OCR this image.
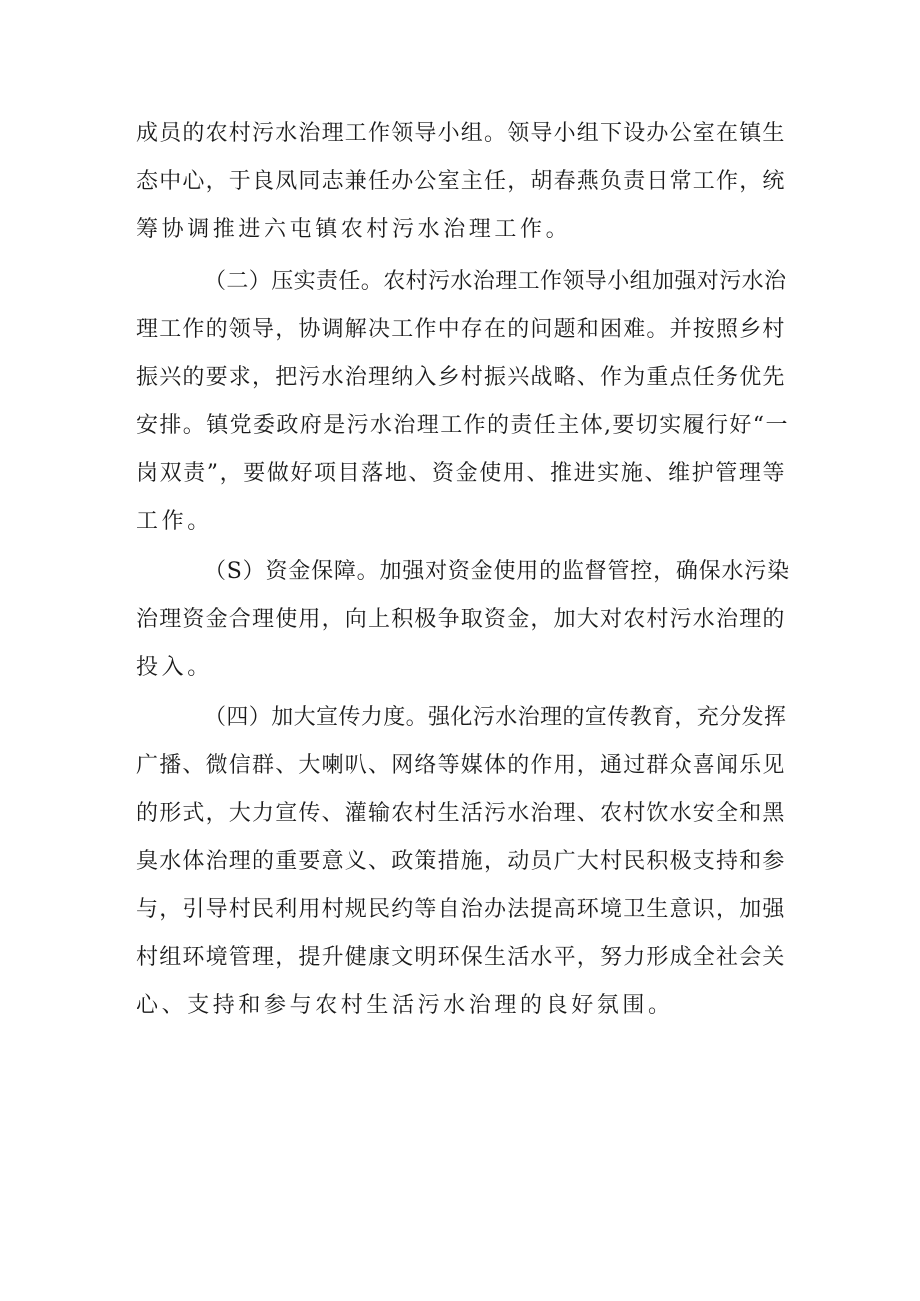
成员的农村污水治理工作领导小组。领导小组下设办公室在镇生
态中心，于良凤同志兼任办公室主任，胡春燕负责日常工作，统
筹协调推进六屯镇农村污水治理工作。
（二）压实责任。农村污水治理工作领导小组加强对污水治
理工作的领导，协调解决工作中存在的问题和困难。并按照乡村
振兴的要求，把污水治理纳入乡村振兴战略、作为重点任务优先
安排。镇党委政府是污水治理工作的责任主体,要切实履行好“一
岗双责”，要做好项目落地、资金使用、推进实施、维护管理等
工作。
（S）资金保障。加强对资金使用的监督管控，确保水污染
治理资金合理使用，向上积极争取资金，加大对农村污水治理的
投入。
（四）加大宣传力度。强化污水治理的宣传教育，充分发挥
广播、微信群、大喇叭、网络等媒体的作用，通过群众喜闻乐见
的形式，大力宣传、灌输农村生活污水治理、农村饮水安全和黑
臭水体治理的重要意义、政策措施，动员广大村民积极支持和参
与，引导村民利用村规民约等自治办法提高环境卫生意识，加强
村组环境管理，提升健康文明环保生活水平，努力形成全社会关
心、支持和参与农村生活污水治理的良好氛围。
